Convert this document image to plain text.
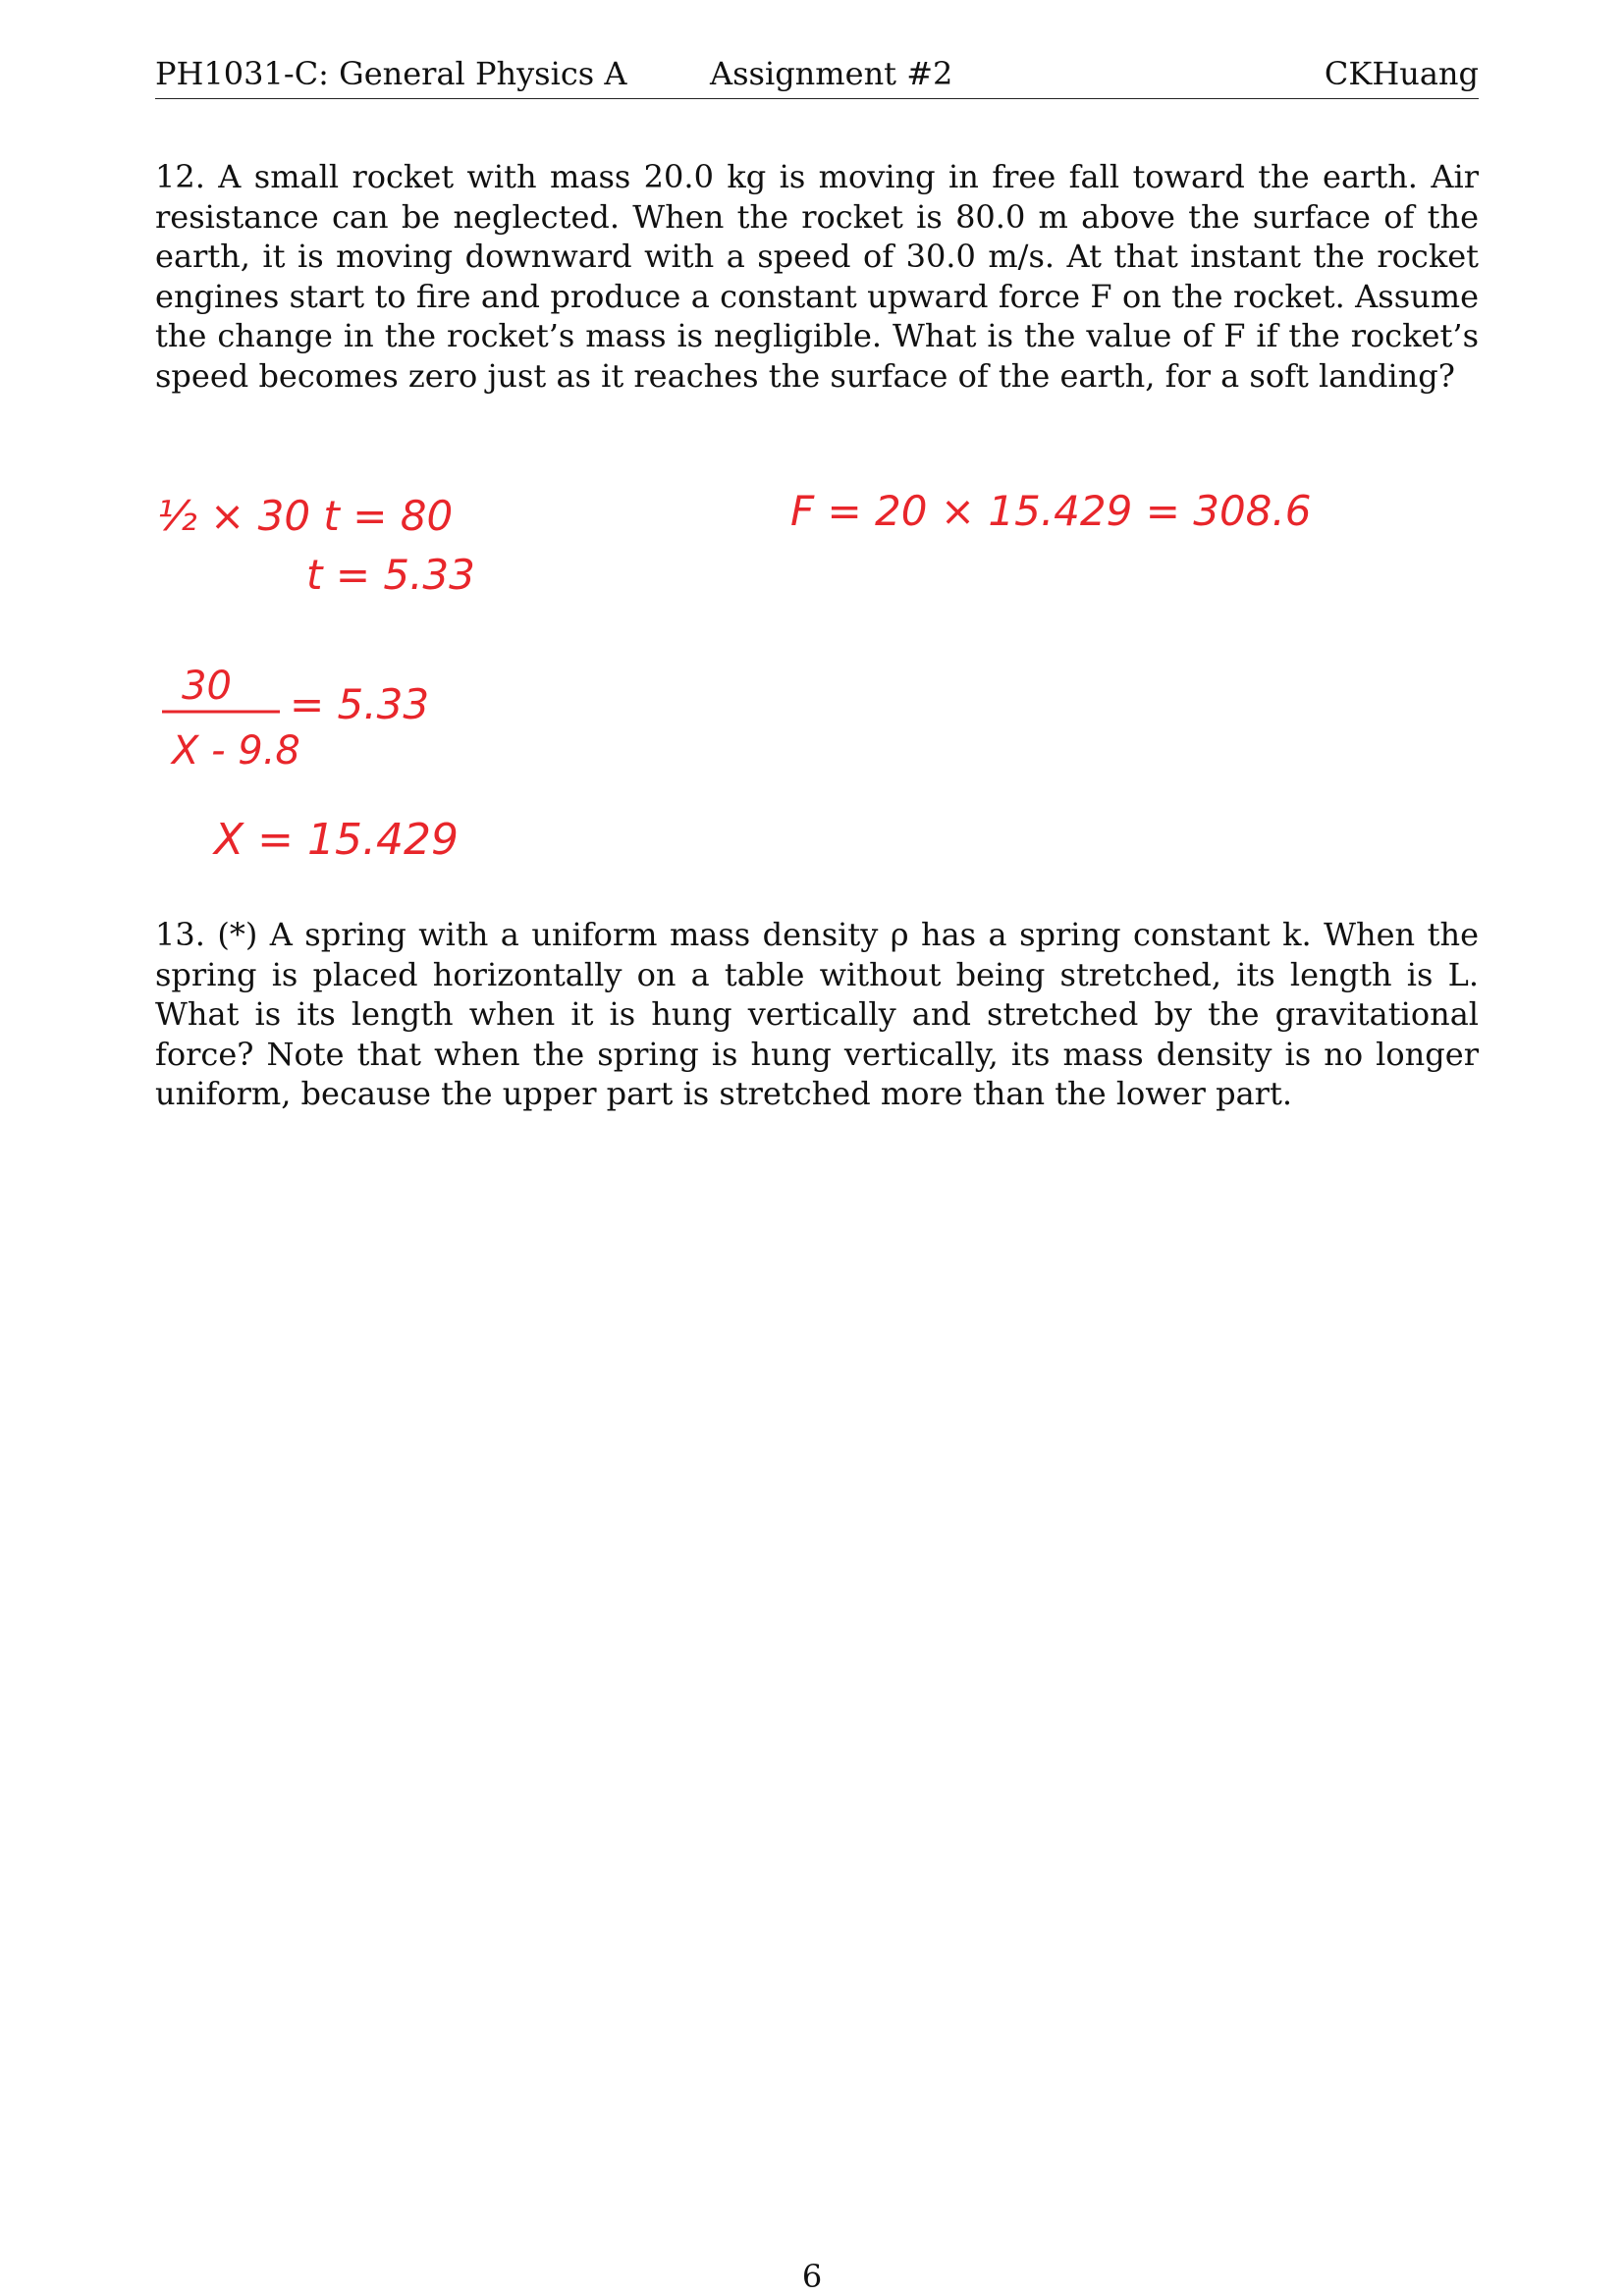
PH1031-C: General Physics A	Assignment #2	CKHuang
12. A small rocket with mass 20.0 kg is moving in free fall toward the earth. Air resistance can be neglected. When the rocket is 80.0 m above the surface of the earth, it is moving downward with a speed of 30.0 m/s. At that instant the rocket engines start to fire and produce a constant upward force F on the rocket. Assume the change in the rocket’s mass is negligible. What is the value of F if the rocket’s speed becomes zero just as it reaches the surface of the earth, for a soft landing?
½ × 30 t = 80
t = 5.33
30 = 5.33
X - 9.8
X = 15.429
F = 20 × 15.429 = 308.6
13. (*) A spring with a uniform mass density ρ has a spring constant k. When the spring is placed horizontally on a table without being stretched, its length is L. What is its length when it is hung vertically and stretched by the gravitational force? Note that when the spring is hung vertically, its mass density is no longer uniform, because the upper part is stretched more than the lower part.
6
